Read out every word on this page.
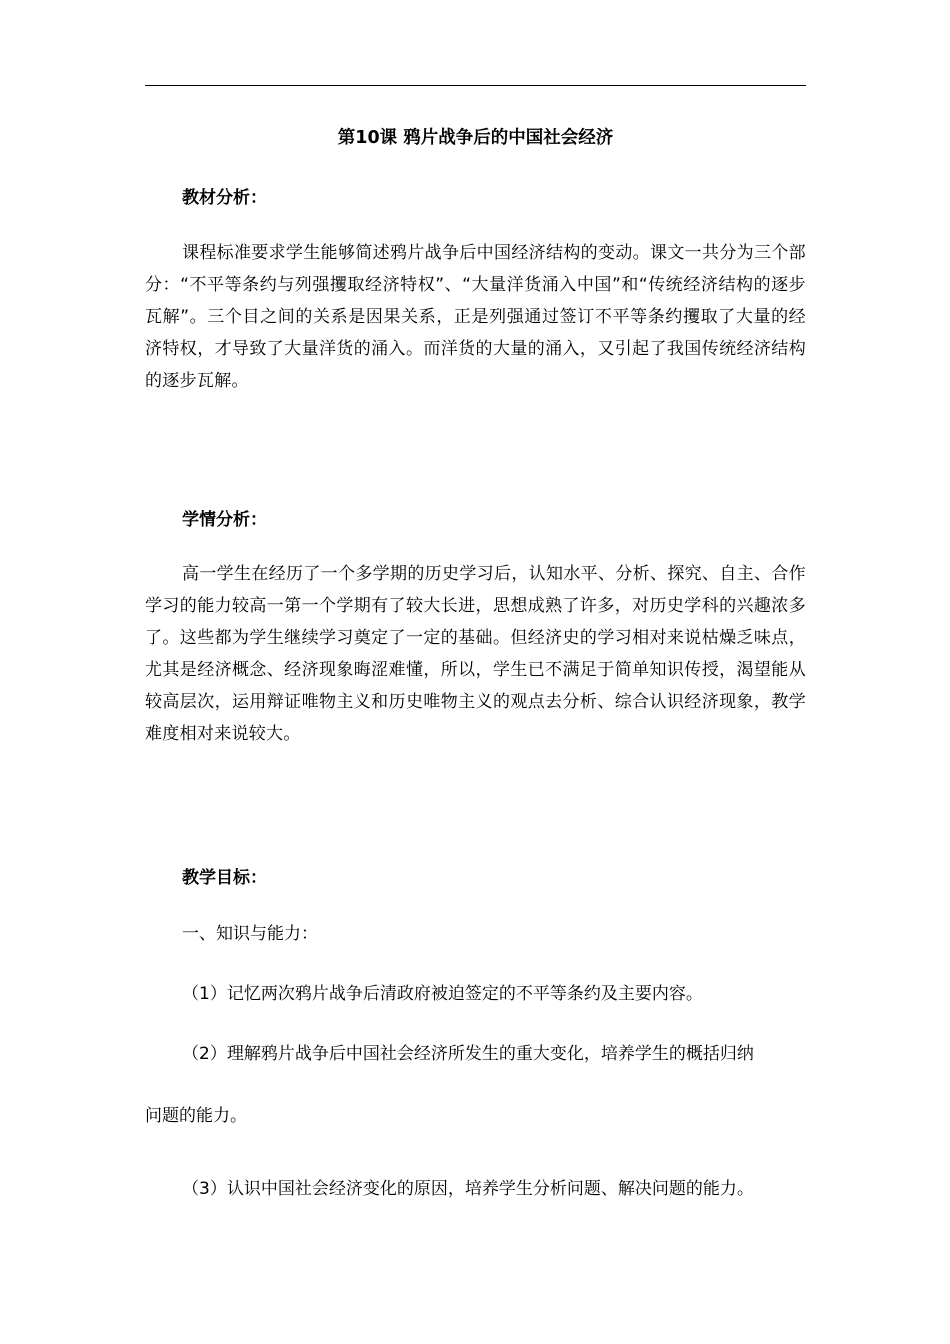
第10课 鸦片战争后的中国社会经济
教材分析：

课程标准要求学生能够简述鸦片战争后中国经济结构的变动。课文一共分为三个部分：“不平等条约与列强攫取经济特权”、“大量洋货涌入中国”和“传统经济结构的逐步瓦解”。三个目之间的关系是因果关系，正是列强通过签订不平等条约攫取了大量的经济特权，才导致了大量洋货的涌入。而洋货的大量的涌入，又引起了我国传统经济结构的逐步瓦解。

学情分析：

高一学生在经历了一个多学期的历史学习后，认知水平、分析、探究、自主、合作学习的能力较高一第一个学期有了较大长进，思想成熟了许多，对历史学科的兴趣浓多了。这些都为学生继续学习奠定了一定的基础。但经济史的学习相对来说枯燥乏味点，尤其是经济概念、经济现象晦涩难懂，所以，学生已不满足于简单知识传授，渴望能从较高层次，运用辩证唯物主义和历史唯物主义的观点去分析、综合认识经济现象，教学难度相对来说较大。

教学目标：
一、知识与能力：
（1）记忆两次鸦片战争后清政府被迫签定的不平等条约及主要内容。
（2）理解鸦片战争后中国社会经济所发生的重大变化，培养学生的概括归纳
问题的能力。
（3）认识中国社会经济变化的原因，培养学生分析问题、解决问题的能力。
